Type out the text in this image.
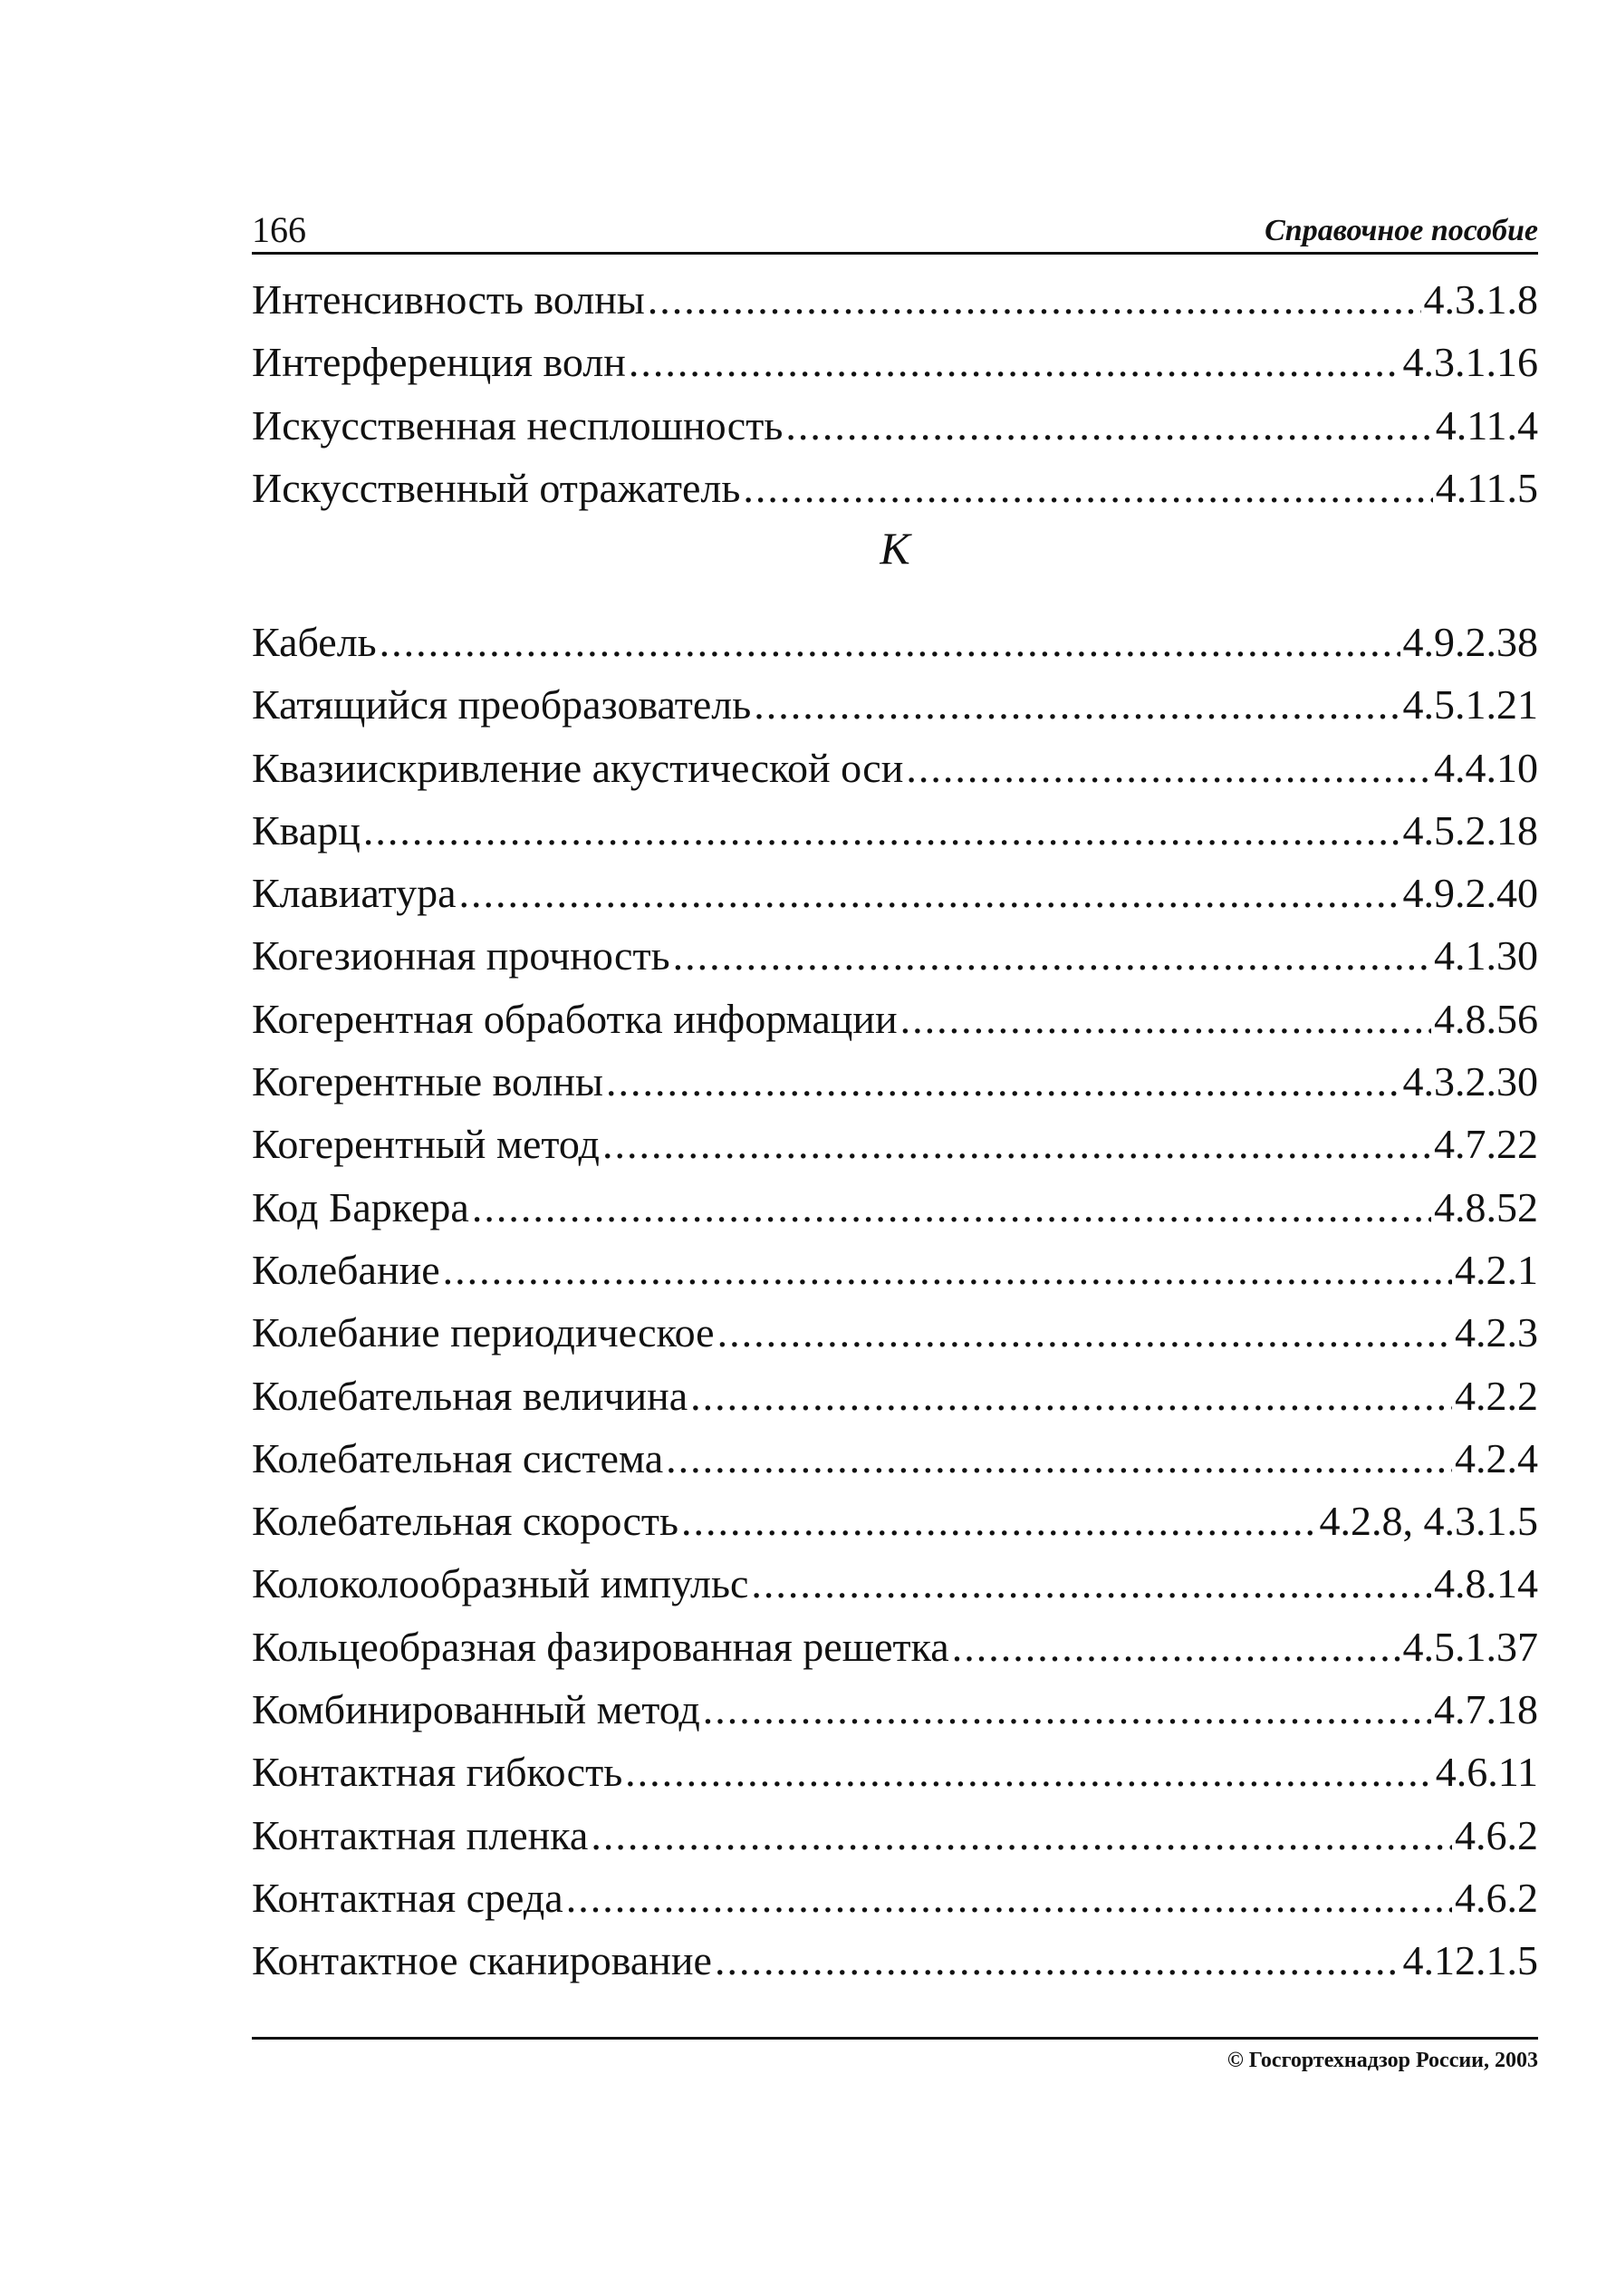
166	Справочное пособие
Интенсивность волны .....	4.3.1.8
Интерференция волн .....	4.3.1.16
Искусственная несплошность .....	4.11.4
Искусственный отражатель .....	4.11.5
К
Кабель .....	4.9.2.38
Катящийся преобразователь .....	4.5.1.21
Квазиискривление акустической оси .....	4.4.10
Кварц .....	4.5.2.18
Клавиатура .....	4.9.2.40
Когезионная прочность .....	4.1.30
Когерентная обработка информации .....	4.8.56
Когерентные волны .....	4.3.2.30
Когерентный метод .....	4.7.22
Код Баркера .....	4.8.52
Колебание .....	4.2.1
Колебание периодическое .....	4.2.3
Колебательная величина .....	4.2.2
Колебательная система .....	4.2.4
Колебательная скорость .....	4.2.8, 4.3.1.5
Колоколообразный импульс .....	4.8.14
Кольцеобразная фазированная решетка .....	4.5.1.37
Комбинированный метод .....	4.7.18
Контактная гибкость .....	4.6.11
Контактная пленка .....	4.6.2
Контактная среда .....	4.6.2
Контактное сканирование .....	4.12.1.5
© Госгортехнадзор России, 2003
